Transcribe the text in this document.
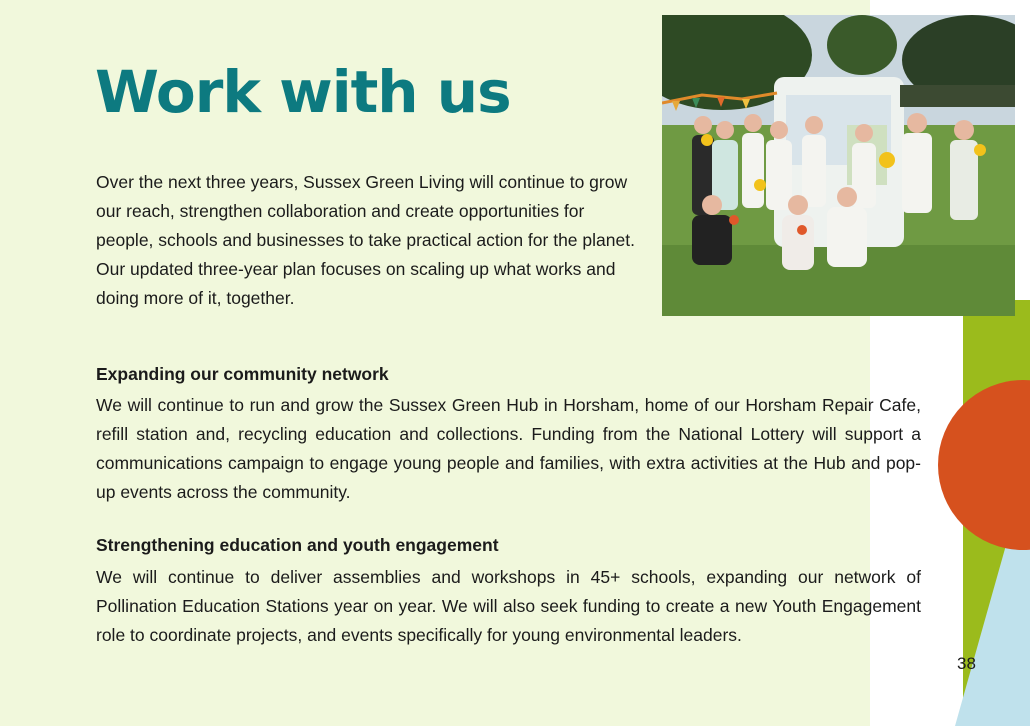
Work with us

Over the next three years, Sussex Green Living will continue to grow our reach, strengthen collaboration and create opportunities for people, schools and businesses to take practical action for the planet. Our updated three-year plan focuses on scaling up what works and doing more of it, together.

Expanding our community network

We will continue to run and grow the Sussex Green Hub in Horsham, home of our Horsham Repair Cafe, refill station and, recycling education and collections. Funding from the National Lottery will support a communications campaign to engage young people and families, with extra activities at the Hub and pop-up events across the community.

Strengthening education and youth engagement

We will continue to deliver assemblies and workshops in 45+ schools, expanding our network of Pollination Education Stations year on year. We will also seek funding to create a new Youth Engagement role to coordinate projects, and events specifically for young environmental leaders.

38
